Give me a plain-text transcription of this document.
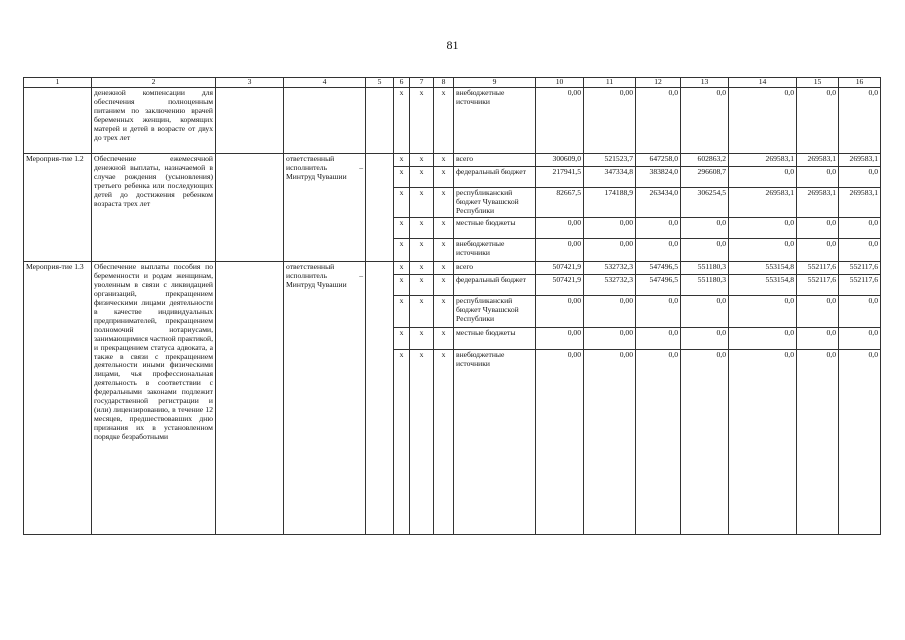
81
1	2	3	4	5	6	7	8	9	10	11	12	13	14	15	16
	денежной компенсации для обеспечения полноценным питанием по заключению врачей беременных женщин, кормящих матерей и детей в возрасте от двух до трех лет				x	x	x	внебюджетные источники	0,00	0,00	0,0	0,0	0,0	0,0	0,0
Мероприя-тие 1.2	Обеспечение ежемесячной денежной выплаты, назначаемой в случае рождения (усыновления) третьего ребенка или последующих детей до достижения ребенком возраста трех лет		ответственный исполнитель – Минтруд Чувашии		x	x	x	всего	300609,0	521523,7	647258,0	602863,2	269583,1	269583,1	269583,1
					x	x	x	федеральный бюджет	217941,5	347334,8	383824,0	296608,7	0,0	0,0	0,0
					x	x	x	республиканский бюджет Чувашской Республики	82667,5	174188,9	263434,0	306254,5	269583,1	269583,1	269583,1
					x	x	x	местные бюджеты	0,00	0,00	0,0	0,0	0,0	0,0	0,0
					x	x	x	внебюджетные источники	0,00	0,00	0,0	0,0	0,0	0,0	0,0
Мероприя-тие 1.3	Обеспечение выплаты пособия по беременности и родам женщинам, уволенным в связи с ликвидацией организаций, прекращением физическими лицами деятельности в качестве индивидуальных предпринимателей, прекращением полномочий нотариусами, занимающимися частной практикой, и прекращением статуса адвоката, а также в связи с прекращением деятельности иными физическими лицами, чья профессиональная деятельность в соответствии с федеральными законами подлежит государственной регистрации и (или) лицензированию, в течение 12 месяцев, предшествовавших дню признания их в установленном порядке безработными		ответственный исполнитель – Минтруд Чувашии		x	x	x	всего	507421,9	532732,3	547496,5	551180,3	553154,8	552117,6	552117,6
					x	x	x	федеральный бюджет	507421,9	532732,3	547496,5	551180,3	553154,8	552117,6	552117,6
					x	x	x	республиканский бюджет Чувашской Республики	0,00	0,00	0,0	0,0	0,0	0,0	0,0
					x	x	x	местные бюджеты	0,00	0,00	0,0	0,0	0,0	0,0	0,0
					x	x	x	внебюджетные источники	0,00	0,00	0,0	0,0	0,0	0,0	0,0
